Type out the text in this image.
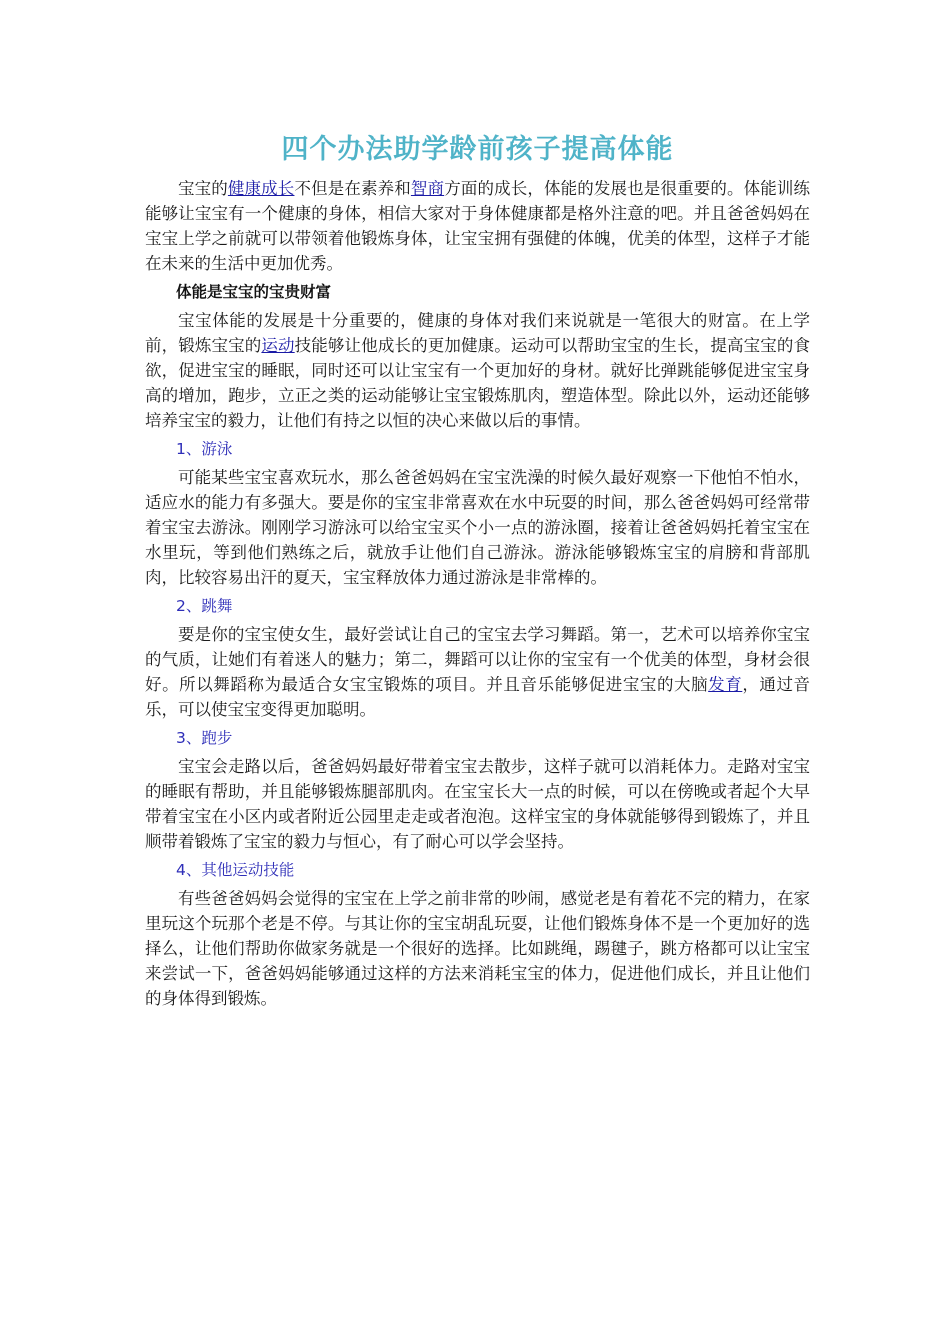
四个办法助学龄前孩子提高体能

宝宝的健康成长不但是在素养和智商方面的成长，体能的发展也是很重要的。体能训练能够让宝宝有一个健康的身体，相信大家对于身体健康都是格外注意的吧。并且爸爸妈妈在宝宝上学之前就可以带领着他锻炼身体，让宝宝拥有强健的体魄，优美的体型，这样子才能在未来的生活中更加优秀。

体能是宝宝的宝贵财富

宝宝体能的发展是十分重要的，健康的身体对我们来说就是一笔很大的财富。在上学前，锻炼宝宝的运动技能够让他成长的更加健康。运动可以帮助宝宝的生长，提高宝宝的食欲，促进宝宝的睡眠，同时还可以让宝宝有一个更加好的身材。就好比弹跳能够促进宝宝身高的增加，跑步，立正之类的运动能够让宝宝锻炼肌肉，塑造体型。除此以外，运动还能够培养宝宝的毅力，让他们有持之以恒的决心来做以后的事情。

1、游泳

可能某些宝宝喜欢玩水，那么爸爸妈妈在宝宝洗澡的时候久最好观察一下他怕不怕水，适应水的能力有多强大。要是你的宝宝非常喜欢在水中玩耍的时间，那么爸爸妈妈可经常带着宝宝去游泳。刚刚学习游泳可以给宝宝买个小一点的游泳圈，接着让爸爸妈妈托着宝宝在水里玩，等到他们熟练之后，就放手让他们自己游泳。游泳能够锻炼宝宝的肩膀和背部肌肉，比较容易出汗的夏天，宝宝释放体力通过游泳是非常棒的。

2、跳舞

要是你的宝宝使女生，最好尝试让自己的宝宝去学习舞蹈。第一，艺术可以培养你宝宝的气质，让她们有着迷人的魅力；第二，舞蹈可以让你的宝宝有一个优美的体型，身材会很好。所以舞蹈称为最适合女宝宝锻炼的项目。并且音乐能够促进宝宝的大脑发育，通过音乐，可以使宝宝变得更加聪明。

3、跑步

宝宝会走路以后，爸爸妈妈最好带着宝宝去散步，这样子就可以消耗体力。走路对宝宝的睡眠有帮助，并且能够锻炼腿部肌肉。在宝宝长大一点的时候，可以在傍晚或者起个大早带着宝宝在小区内或者附近公园里走走或者泡泡。这样宝宝的身体就能够得到锻炼了，并且顺带着锻炼了宝宝的毅力与恒心，有了耐心可以学会坚持。

4、其他运动技能

有些爸爸妈妈会觉得的宝宝在上学之前非常的吵闹，感觉老是有着花不完的精力，在家里玩这个玩那个老是不停。与其让你的宝宝胡乱玩耍，让他们锻炼身体不是一个更加好的选择么，让他们帮助你做家务就是一个很好的选择。比如跳绳，踢毽子，跳方格都可以让宝宝来尝试一下，爸爸妈妈能够通过这样的方法来消耗宝宝的体力，促进他们成长，并且让他们的身体得到锻炼。
